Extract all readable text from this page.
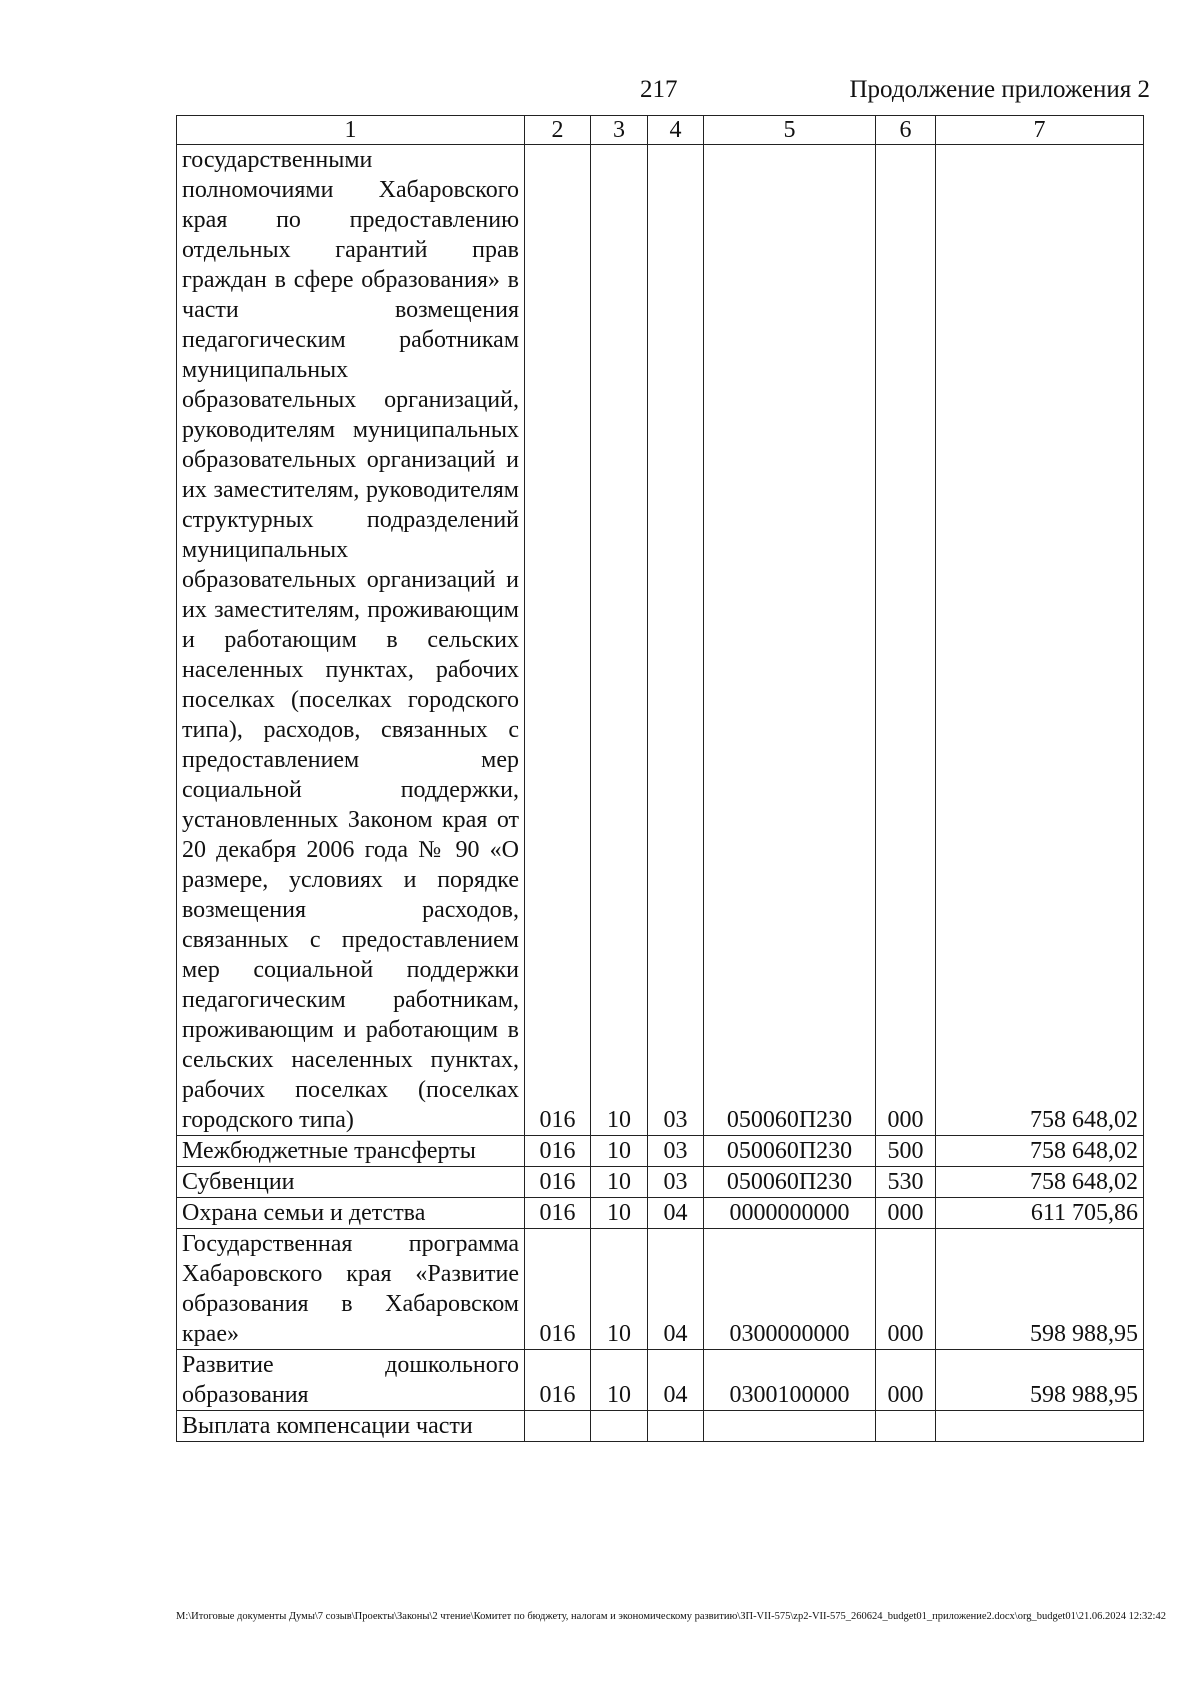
217	Продолжение приложения 2
1	2	3	4	5	6	7
государственными полномочиями Хабаровского края по предоставлению отдельных гарантий прав граждан в сфере образования» в части возмещения педагогическим работникам муниципальных образовательных организаций, руководителям муниципальных образовательных организаций и их заместителям, руководителям структурных подразделений муниципальных образовательных организаций и их заместителям, проживающим и работающим в сельских населенных пунктах, рабочих поселках (поселках городского типа), расходов, связанных с предоставлением мер социальной поддержки, установленных Законом края от 20 декабря 2006 года № 90 «О размере, условиях и порядке возмещения расходов, связанных с предоставлением мер социальной поддержки педагогическим работникам, проживающим и работающим в сельских населенных пунктах, рабочих поселках (поселках городского типа)	016	10	03	050060П230	000	758 648,02
Межбюджетные трансферты	016	10	03	050060П230	500	758 648,02
Субвенции	016	10	03	050060П230	530	758 648,02
Охрана семьи и детства	016	10	04	0000000000	000	611 705,86
Государственная программа Хабаровского края «Развитие образования в Хабаровском крае»	016	10	04	0300000000	000	598 988,95
Развитие дошкольного образования	016	10	04	0300100000	000	598 988,95
Выплата компенсации части						
M:\Итоговые документы Думы\7 созыв\Проекты\Законы\2 чтение\Комитет по бюджету, налогам и экономическому развитию\ЗП-VII-575\zp2-VII-575_260624_budget01_приложение2.docx\org_budget01\21.06.2024 12:32:42
